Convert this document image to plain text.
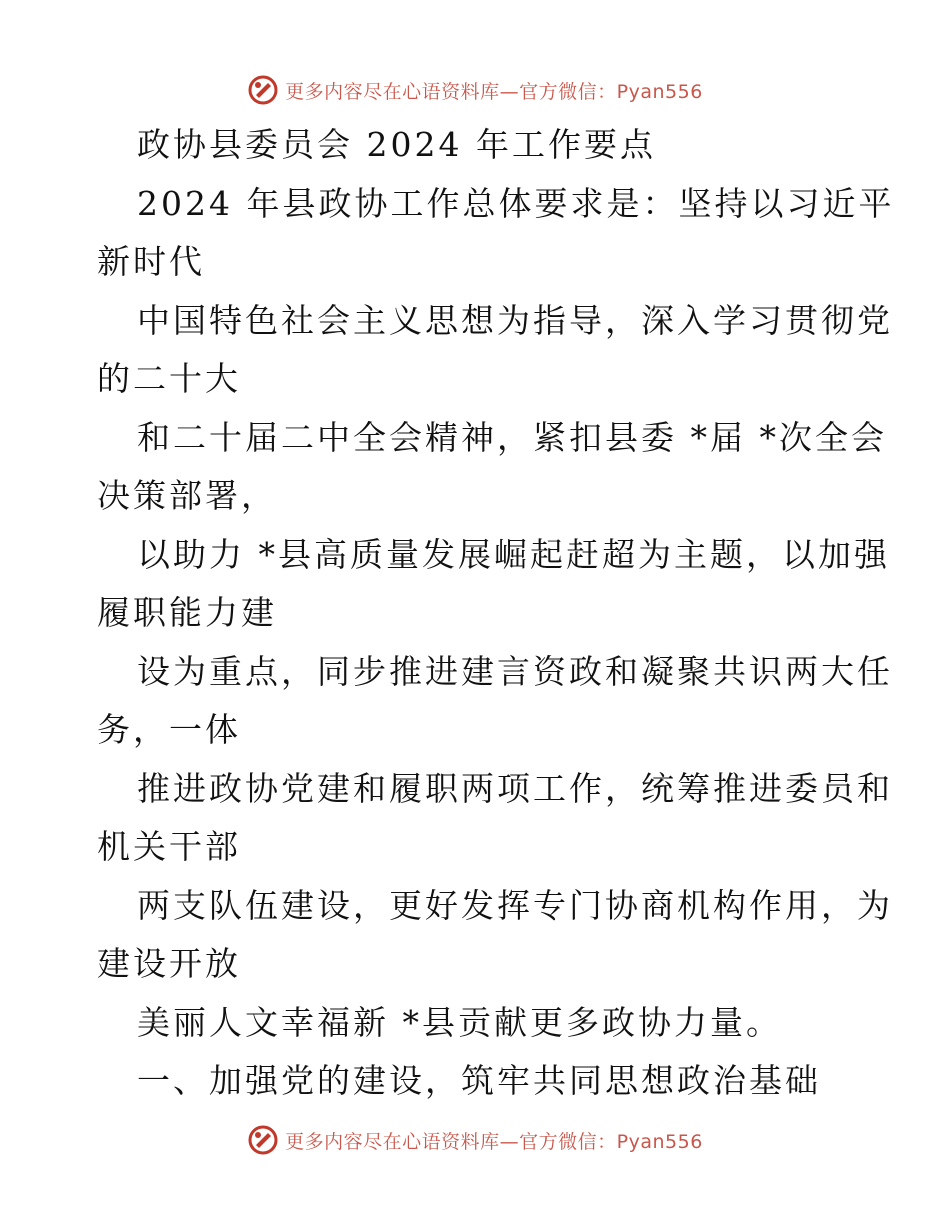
更多内容尽在心语资料库—官方微信：Pyan556
政协县委员会 2024 年工作要点
2024 年县政协工作总体要求是：坚持以习近平
新时代
中国特色社会主义思想为指导，深入学习贯彻党
的二十大
和二十届二中全会精神，紧扣县委 *届 *次全会
决策部署，
以助力 *县高质量发展崛起赶超为主题，以加强
履职能力建
设为重点，同步推进建言资政和凝聚共识两大任
务，一体
推进政协党建和履职两项工作，统筹推进委员和
机关干部
两支队伍建设，更好发挥专门协商机构作用，为
建设开放
美丽人文幸福新 *县贡献更多政协力量。
一、加强党的建设，筑牢共同思想政治基础
更多内容尽在心语资料库—官方微信：Pyan556
